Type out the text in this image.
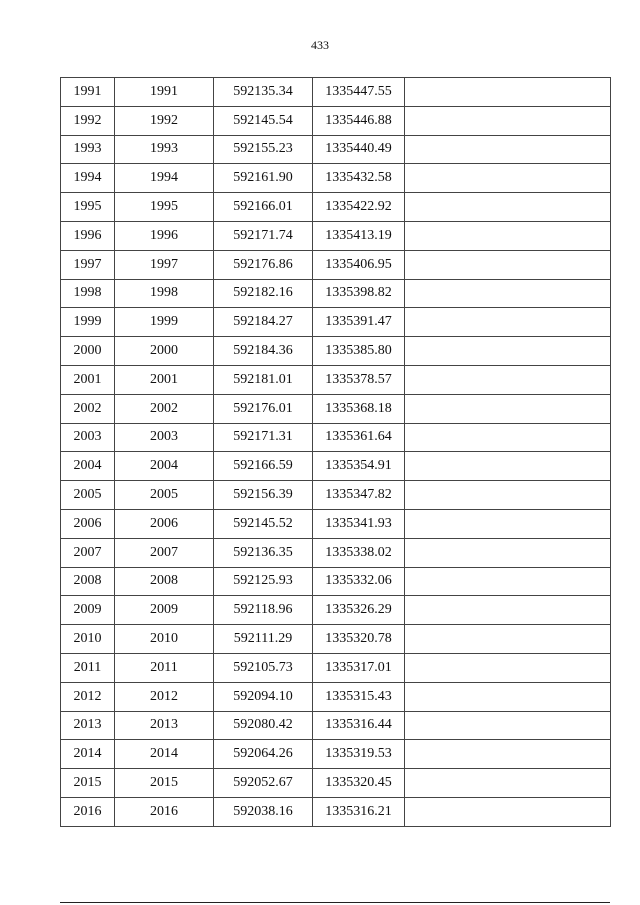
433
1991	1991	592135.34	1335447.55	
1992	1992	592145.54	1335446.88	
1993	1993	592155.23	1335440.49	
1994	1994	592161.90	1335432.58	
1995	1995	592166.01	1335422.92	
1996	1996	592171.74	1335413.19	
1997	1997	592176.86	1335406.95	
1998	1998	592182.16	1335398.82	
1999	1999	592184.27	1335391.47	
2000	2000	592184.36	1335385.80	
2001	2001	592181.01	1335378.57	
2002	2002	592176.01	1335368.18	
2003	2003	592171.31	1335361.64	
2004	2004	592166.59	1335354.91	
2005	2005	592156.39	1335347.82	
2006	2006	592145.52	1335341.93	
2007	2007	592136.35	1335338.02	
2008	2008	592125.93	1335332.06	
2009	2009	592118.96	1335326.29	
2010	2010	592111.29	1335320.78	
2011	2011	592105.73	1335317.01	
2012	2012	592094.10	1335315.43	
2013	2013	592080.42	1335316.44	
2014	2014	592064.26	1335319.53	
2015	2015	592052.67	1335320.45	
2016	2016	592038.16	1335316.21	
